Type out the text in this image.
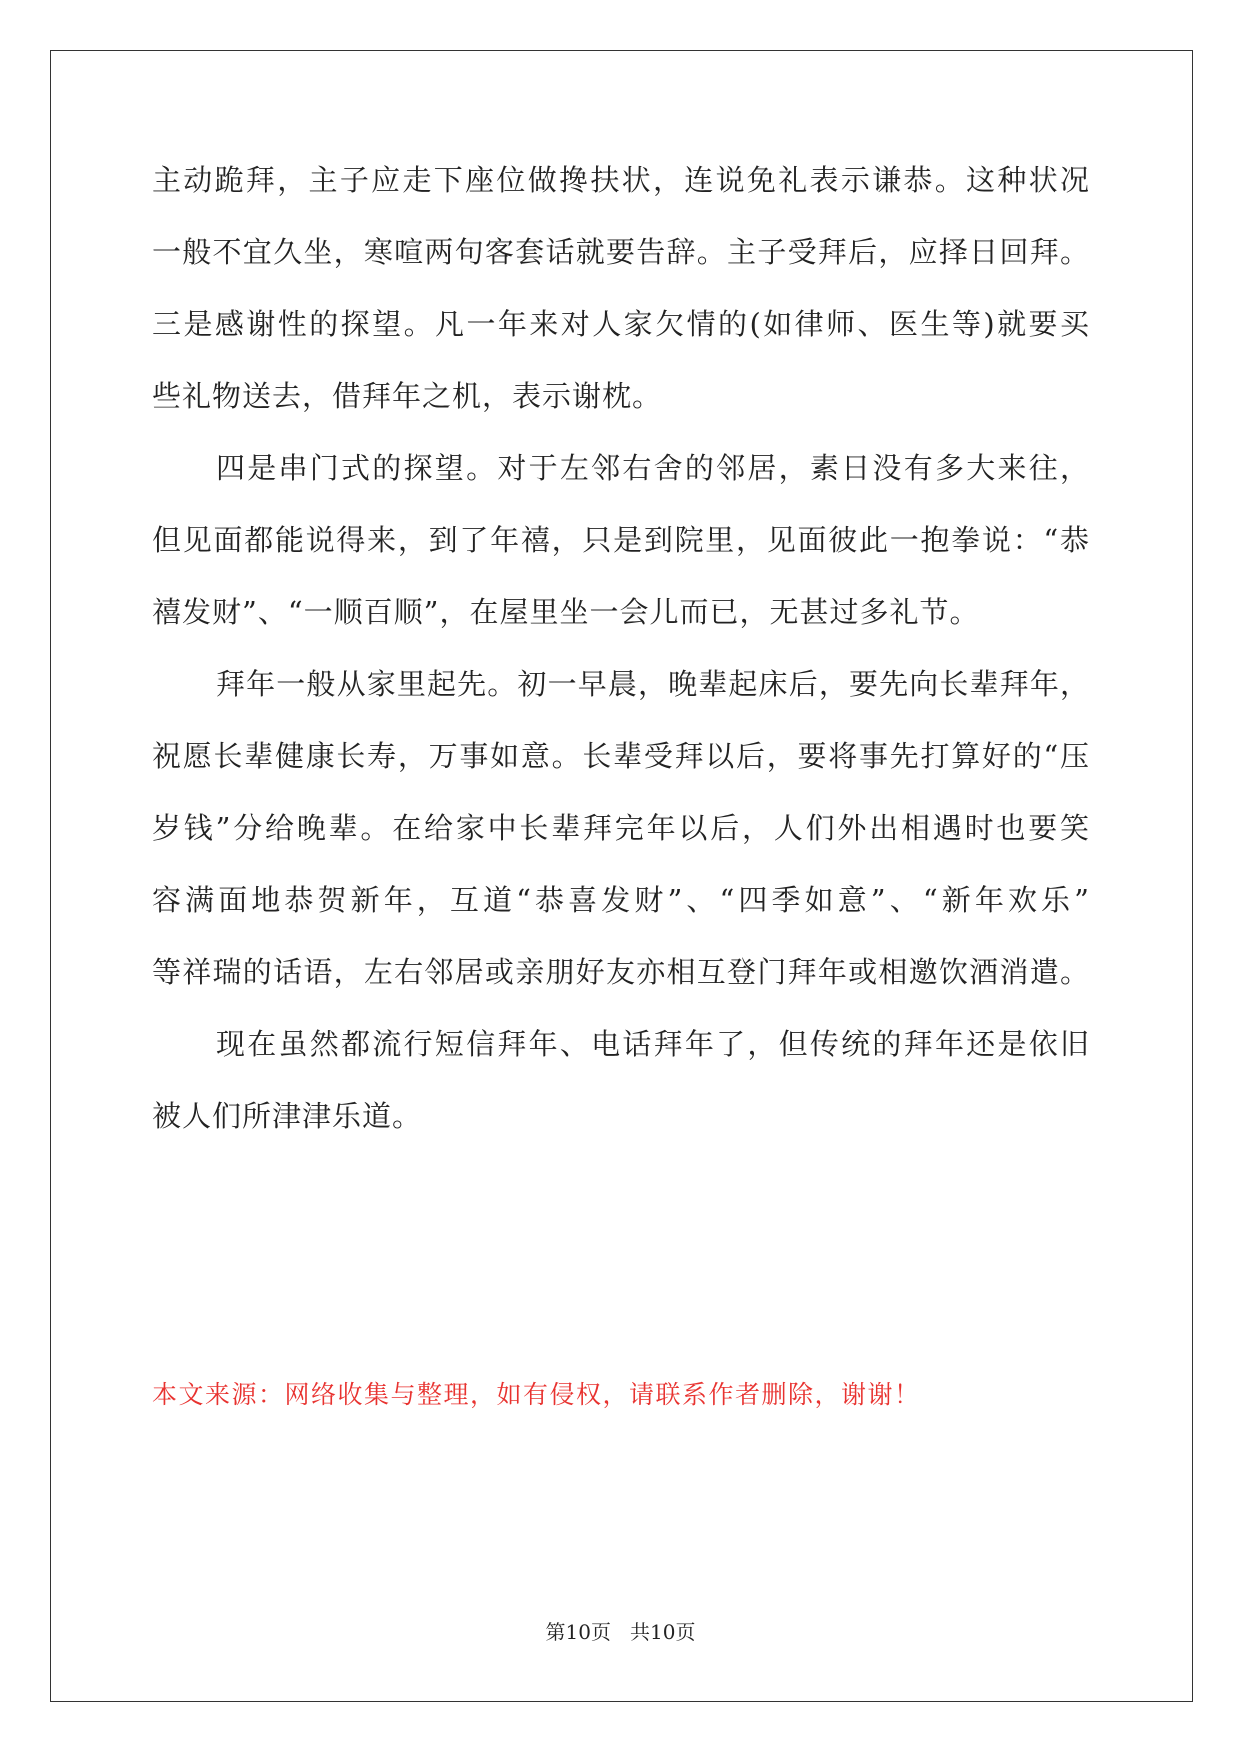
主动跪拜，主子应走下座位做搀扶状，连说免礼表示谦恭。这种状况
一般不宜久坐，寒喧两句客套话就要告辞。主子受拜后，应择日回拜。
三是感谢性的探望。凡一年来对人家欠情的(如律师、医生等)就要买
些礼物送去，借拜年之机，表示谢枕。
四是串门式的探望。对于左邻右舍的邻居，素日没有多大来往，
但见面都能说得来，到了年禧，只是到院里，见面彼此一抱拳说：“恭
禧发财”、“一顺百顺”，在屋里坐一会儿而已，无甚过多礼节。
拜年一般从家里起先。初一早晨，晚辈起床后，要先向长辈拜年，
祝愿长辈健康长寿，万事如意。长辈受拜以后，要将事先打算好的“压
岁钱”分给晚辈。在给家中长辈拜完年以后，人们外出相遇时也要笑
容满面地恭贺新年，互道“恭喜发财”、“四季如意”、“新年欢乐”
等祥瑞的话语，左右邻居或亲朋好友亦相互登门拜年或相邀饮酒消遣。
现在虽然都流行短信拜年、电话拜年了，但传统的拜年还是依旧
被人们所津津乐道。
本文来源：网络收集与整理，如有侵权，请联系作者删除，谢谢！
第10页   共10页
